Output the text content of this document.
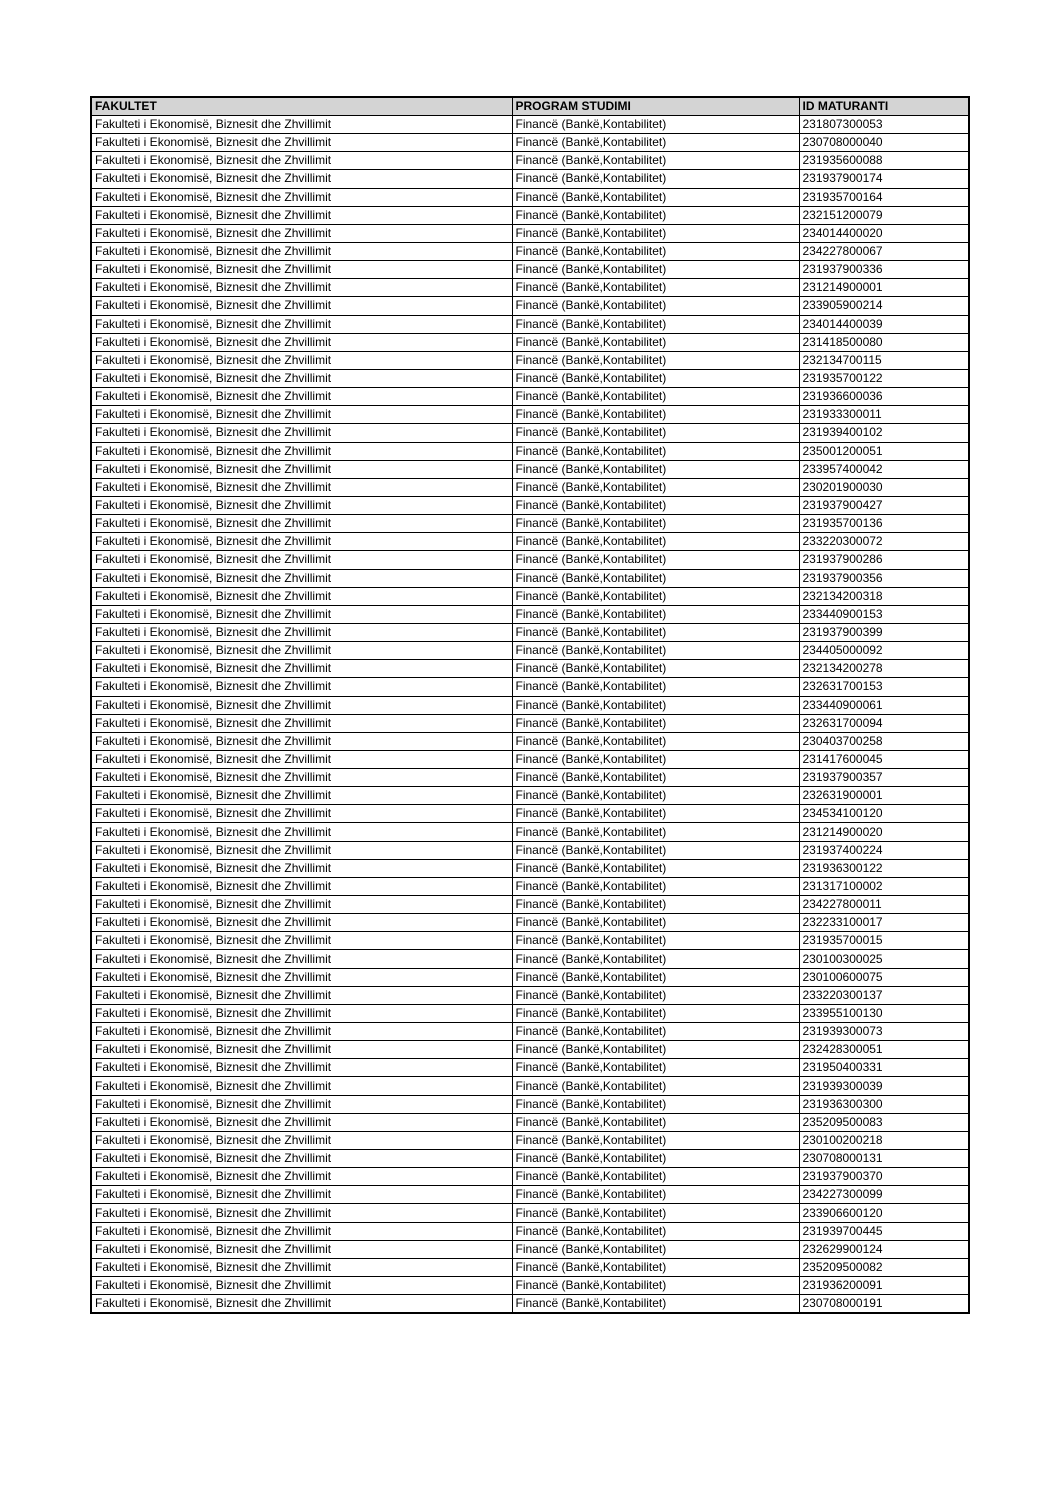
FAKULTET	PROGRAM STUDIMI	ID MATURANTI
Fakulteti i Ekonomisë, Biznesit dhe Zhvillimit	Financë (Bankë,Kontabilitet)	231807300053
Fakulteti i Ekonomisë, Biznesit dhe Zhvillimit	Financë (Bankë,Kontabilitet)	230708000040
Fakulteti i Ekonomisë, Biznesit dhe Zhvillimit	Financë (Bankë,Kontabilitet)	231935600088
Fakulteti i Ekonomisë, Biznesit dhe Zhvillimit	Financë (Bankë,Kontabilitet)	231937900174
Fakulteti i Ekonomisë, Biznesit dhe Zhvillimit	Financë (Bankë,Kontabilitet)	231935700164
Fakulteti i Ekonomisë, Biznesit dhe Zhvillimit	Financë (Bankë,Kontabilitet)	232151200079
Fakulteti i Ekonomisë, Biznesit dhe Zhvillimit	Financë (Bankë,Kontabilitet)	234014400020
Fakulteti i Ekonomisë, Biznesit dhe Zhvillimit	Financë (Bankë,Kontabilitet)	234227800067
Fakulteti i Ekonomisë, Biznesit dhe Zhvillimit	Financë (Bankë,Kontabilitet)	231937900336
Fakulteti i Ekonomisë, Biznesit dhe Zhvillimit	Financë (Bankë,Kontabilitet)	231214900001
Fakulteti i Ekonomisë, Biznesit dhe Zhvillimit	Financë (Bankë,Kontabilitet)	233905900214
Fakulteti i Ekonomisë, Biznesit dhe Zhvillimit	Financë (Bankë,Kontabilitet)	234014400039
Fakulteti i Ekonomisë, Biznesit dhe Zhvillimit	Financë (Bankë,Kontabilitet)	231418500080
Fakulteti i Ekonomisë, Biznesit dhe Zhvillimit	Financë (Bankë,Kontabilitet)	232134700115
Fakulteti i Ekonomisë, Biznesit dhe Zhvillimit	Financë (Bankë,Kontabilitet)	231935700122
Fakulteti i Ekonomisë, Biznesit dhe Zhvillimit	Financë (Bankë,Kontabilitet)	231936600036
Fakulteti i Ekonomisë, Biznesit dhe Zhvillimit	Financë (Bankë,Kontabilitet)	231933300011
Fakulteti i Ekonomisë, Biznesit dhe Zhvillimit	Financë (Bankë,Kontabilitet)	231939400102
Fakulteti i Ekonomisë, Biznesit dhe Zhvillimit	Financë (Bankë,Kontabilitet)	235001200051
Fakulteti i Ekonomisë, Biznesit dhe Zhvillimit	Financë (Bankë,Kontabilitet)	233957400042
Fakulteti i Ekonomisë, Biznesit dhe Zhvillimit	Financë (Bankë,Kontabilitet)	230201900030
Fakulteti i Ekonomisë, Biznesit dhe Zhvillimit	Financë (Bankë,Kontabilitet)	231937900427
Fakulteti i Ekonomisë, Biznesit dhe Zhvillimit	Financë (Bankë,Kontabilitet)	231935700136
Fakulteti i Ekonomisë, Biznesit dhe Zhvillimit	Financë (Bankë,Kontabilitet)	233220300072
Fakulteti i Ekonomisë, Biznesit dhe Zhvillimit	Financë (Bankë,Kontabilitet)	231937900286
Fakulteti i Ekonomisë, Biznesit dhe Zhvillimit	Financë (Bankë,Kontabilitet)	231937900356
Fakulteti i Ekonomisë, Biznesit dhe Zhvillimit	Financë (Bankë,Kontabilitet)	232134200318
Fakulteti i Ekonomisë, Biznesit dhe Zhvillimit	Financë (Bankë,Kontabilitet)	233440900153
Fakulteti i Ekonomisë, Biznesit dhe Zhvillimit	Financë (Bankë,Kontabilitet)	231937900399
Fakulteti i Ekonomisë, Biznesit dhe Zhvillimit	Financë (Bankë,Kontabilitet)	234405000092
Fakulteti i Ekonomisë, Biznesit dhe Zhvillimit	Financë (Bankë,Kontabilitet)	232134200278
Fakulteti i Ekonomisë, Biznesit dhe Zhvillimit	Financë (Bankë,Kontabilitet)	232631700153
Fakulteti i Ekonomisë, Biznesit dhe Zhvillimit	Financë (Bankë,Kontabilitet)	233440900061
Fakulteti i Ekonomisë, Biznesit dhe Zhvillimit	Financë (Bankë,Kontabilitet)	232631700094
Fakulteti i Ekonomisë, Biznesit dhe Zhvillimit	Financë (Bankë,Kontabilitet)	230403700258
Fakulteti i Ekonomisë, Biznesit dhe Zhvillimit	Financë (Bankë,Kontabilitet)	231417600045
Fakulteti i Ekonomisë, Biznesit dhe Zhvillimit	Financë (Bankë,Kontabilitet)	231937900357
Fakulteti i Ekonomisë, Biznesit dhe Zhvillimit	Financë (Bankë,Kontabilitet)	232631900001
Fakulteti i Ekonomisë, Biznesit dhe Zhvillimit	Financë (Bankë,Kontabilitet)	234534100120
Fakulteti i Ekonomisë, Biznesit dhe Zhvillimit	Financë (Bankë,Kontabilitet)	231214900020
Fakulteti i Ekonomisë, Biznesit dhe Zhvillimit	Financë (Bankë,Kontabilitet)	231937400224
Fakulteti i Ekonomisë, Biznesit dhe Zhvillimit	Financë (Bankë,Kontabilitet)	231936300122
Fakulteti i Ekonomisë, Biznesit dhe Zhvillimit	Financë (Bankë,Kontabilitet)	231317100002
Fakulteti i Ekonomisë, Biznesit dhe Zhvillimit	Financë (Bankë,Kontabilitet)	234227800011
Fakulteti i Ekonomisë, Biznesit dhe Zhvillimit	Financë (Bankë,Kontabilitet)	232233100017
Fakulteti i Ekonomisë, Biznesit dhe Zhvillimit	Financë (Bankë,Kontabilitet)	231935700015
Fakulteti i Ekonomisë, Biznesit dhe Zhvillimit	Financë (Bankë,Kontabilitet)	230100300025
Fakulteti i Ekonomisë, Biznesit dhe Zhvillimit	Financë (Bankë,Kontabilitet)	230100600075
Fakulteti i Ekonomisë, Biznesit dhe Zhvillimit	Financë (Bankë,Kontabilitet)	233220300137
Fakulteti i Ekonomisë, Biznesit dhe Zhvillimit	Financë (Bankë,Kontabilitet)	233955100130
Fakulteti i Ekonomisë, Biznesit dhe Zhvillimit	Financë (Bankë,Kontabilitet)	231939300073
Fakulteti i Ekonomisë, Biznesit dhe Zhvillimit	Financë (Bankë,Kontabilitet)	232428300051
Fakulteti i Ekonomisë, Biznesit dhe Zhvillimit	Financë (Bankë,Kontabilitet)	231950400331
Fakulteti i Ekonomisë, Biznesit dhe Zhvillimit	Financë (Bankë,Kontabilitet)	231939300039
Fakulteti i Ekonomisë, Biznesit dhe Zhvillimit	Financë (Bankë,Kontabilitet)	231936300300
Fakulteti i Ekonomisë, Biznesit dhe Zhvillimit	Financë (Bankë,Kontabilitet)	235209500083
Fakulteti i Ekonomisë, Biznesit dhe Zhvillimit	Financë (Bankë,Kontabilitet)	230100200218
Fakulteti i Ekonomisë, Biznesit dhe Zhvillimit	Financë (Bankë,Kontabilitet)	230708000131
Fakulteti i Ekonomisë, Biznesit dhe Zhvillimit	Financë (Bankë,Kontabilitet)	231937900370
Fakulteti i Ekonomisë, Biznesit dhe Zhvillimit	Financë (Bankë,Kontabilitet)	234227300099
Fakulteti i Ekonomisë, Biznesit dhe Zhvillimit	Financë (Bankë,Kontabilitet)	233906600120
Fakulteti i Ekonomisë, Biznesit dhe Zhvillimit	Financë (Bankë,Kontabilitet)	231939700445
Fakulteti i Ekonomisë, Biznesit dhe Zhvillimit	Financë (Bankë,Kontabilitet)	232629900124
Fakulteti i Ekonomisë, Biznesit dhe Zhvillimit	Financë (Bankë,Kontabilitet)	235209500082
Fakulteti i Ekonomisë, Biznesit dhe Zhvillimit	Financë (Bankë,Kontabilitet)	231936200091
Fakulteti i Ekonomisë, Biznesit dhe Zhvillimit	Financë (Bankë,Kontabilitet)	230708000191
